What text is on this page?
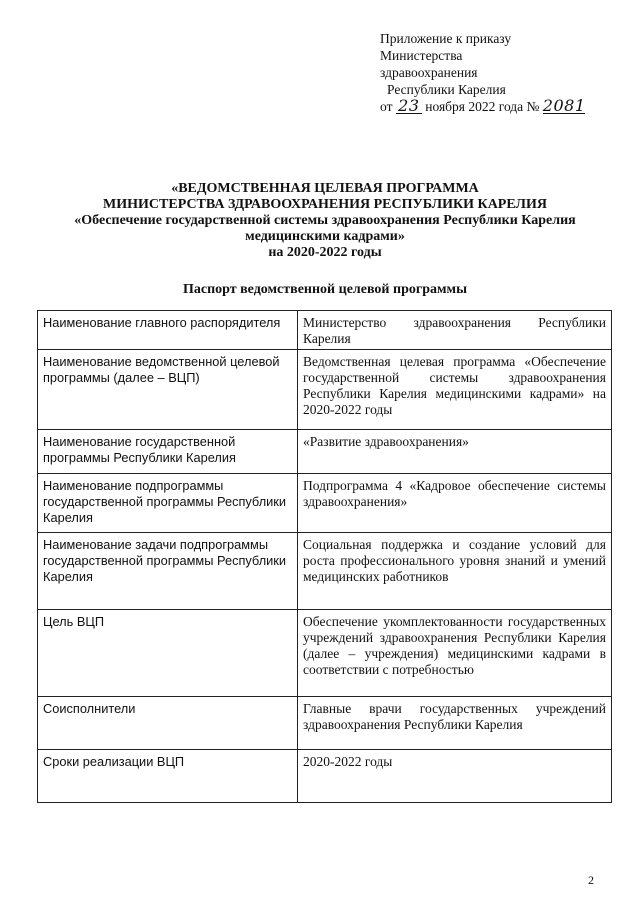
Приложение к приказу
Министерства
здравоохранения
Республики Карелия
от 23 ноября 2022 года № 2081
«ВЕДОМСТВЕННАЯ ЦЕЛЕВАЯ ПРОГРАММА
МИНИСТЕРСТВА ЗДРАВООХРАНЕНИЯ РЕСПУБЛИКИ КАРЕЛИЯ
«Обеспечение государственной системы здравоохранения Республики Карелия
медицинскими кадрами»
на 2020-2022 годы
Паспорт ведомственной целевой программы
Наименование главного распорядителя	Министерство здравоохранения Республики Карелия
Наименование ведомственной целевой программы (далее – ВЦП)	Ведомственная целевая программа «Обеспечение государственной системы здравоохранения Республики Карелия медицинскими кадрами» на 2020-2022 годы
Наименование государственной программы Республики Карелия	«Развитие здравоохранения»
Наименование подпрограммы государственной программы Республики Карелия	Подпрограмма 4 «Кадровое обеспечение системы здравоохранения»
Наименование задачи подпрограммы государственной программы Республики Карелия	Социальная поддержка и создание условий для роста профессионального уровня знаний и умений медицинских работников
Цель ВЦП	Обеспечение укомплектованности государственных учреждений здравоохранения Республики Карелия (далее – учреждения) медицинскими кадрами в соответствии с потребностью
Соисполнители	Главные врачи государственных учреждений здравоохранения Республики Карелия
Сроки реализации ВЦП	2020-2022 годы
2
